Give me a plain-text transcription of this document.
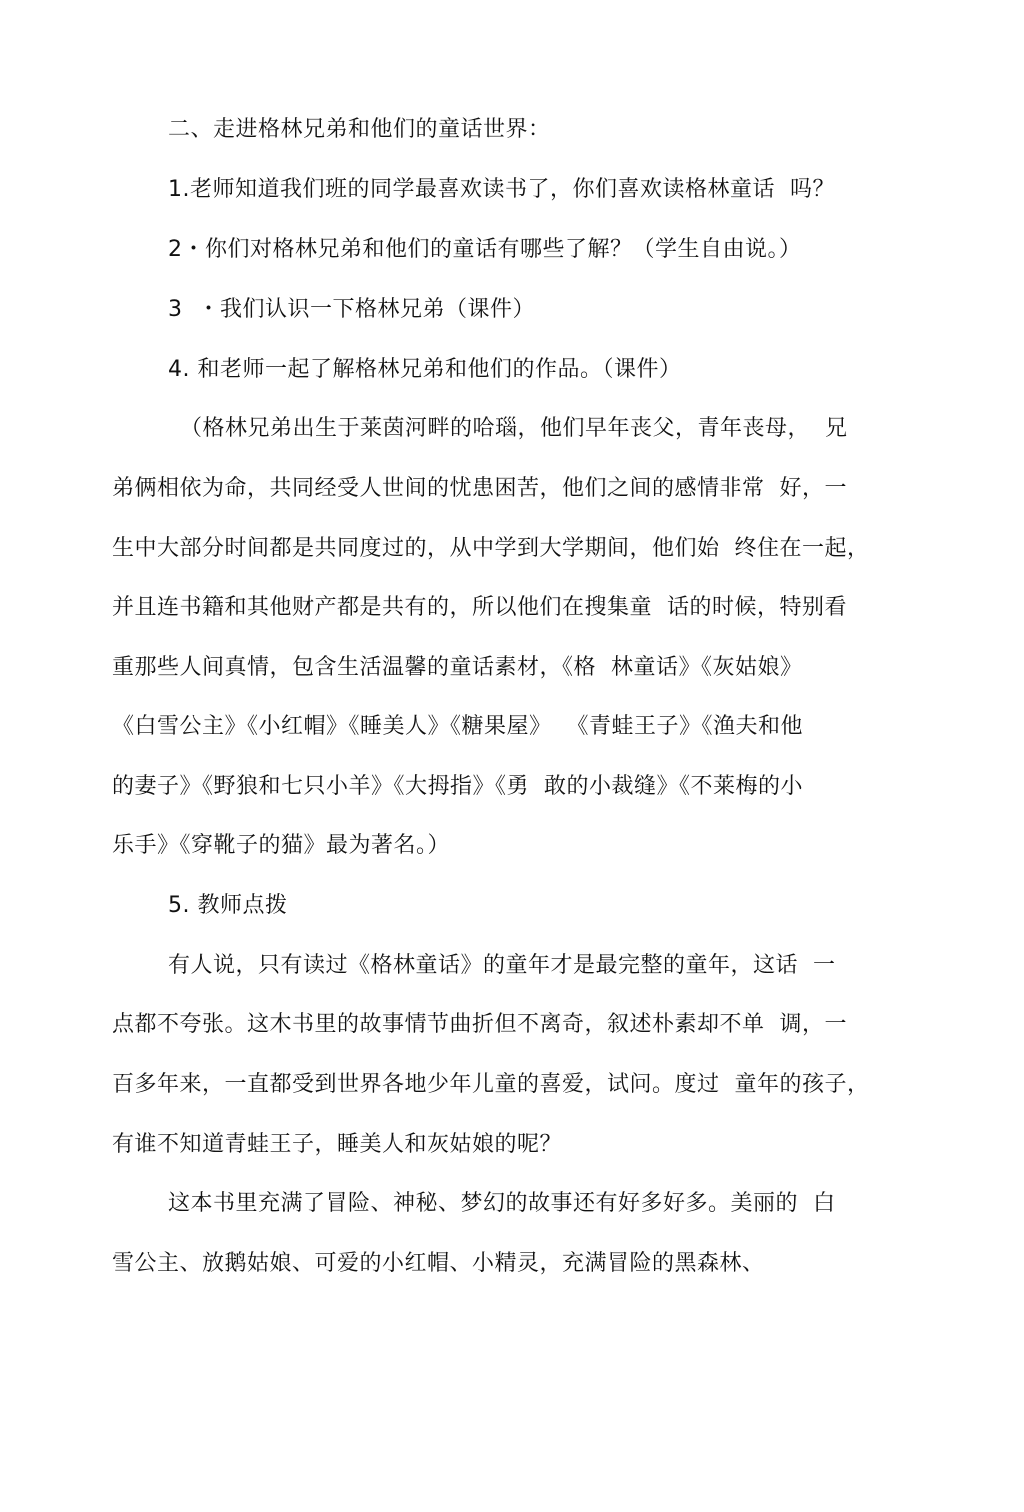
二、走进格林兄弟和他们的童话世界：
1.老师知道我们班的同学最喜欢读书了，你们喜欢读格林童话  吗？
2・你们对格林兄弟和他们的童话有哪些了解？（学生自由说。）
3  ・我们认识一下格林兄弟（课件）
4. 和老师一起了解格林兄弟和他们的作品。（课件）
（格林兄弟出生于莱茵河畔的哈瑙，他们早年丧父，青年丧母，  兄
弟俩相依为命，共同经受人世间的忧患困苦，他们之间的感情非常  好，一
生中大部分时间都是共同度过的，从中学到大学期间，他们始  终住在一起，
并且连书籍和其他财产都是共有的，所以他们在搜集童  话的时候，特别看
重那些人间真情，包含生活温馨的童话素材，《格  林童话》《灰姑娘》
《白雪公主》《小红帽》《睡美人》《糖果屋》  《青蛙王子》《渔夫和他
的妻子》《野狼和七只小羊》《大拇指》《勇  敢的小裁缝》《不莱梅的小
乐手》《穿靴子的猫》最为著名。）
5. 教师点拨
有人说，只有读过《格林童话》的童年才是最完整的童年，这话  一
点都不夸张。这木书里的故事情节曲折但不离奇，叙述朴素却不单  调，一
百多年来，一直都受到世界各地少年儿童的喜爱，试问。度过  童年的孩子，
有谁不知道青蛙王子，睡美人和灰姑娘的呢？
这本书里充满了冒险、神秘、梦幻的故事还有好多好多。美丽的  白
雪公主、放鹅姑娘、可爱的小红帽、小精灵，充满冒险的黑森林、
